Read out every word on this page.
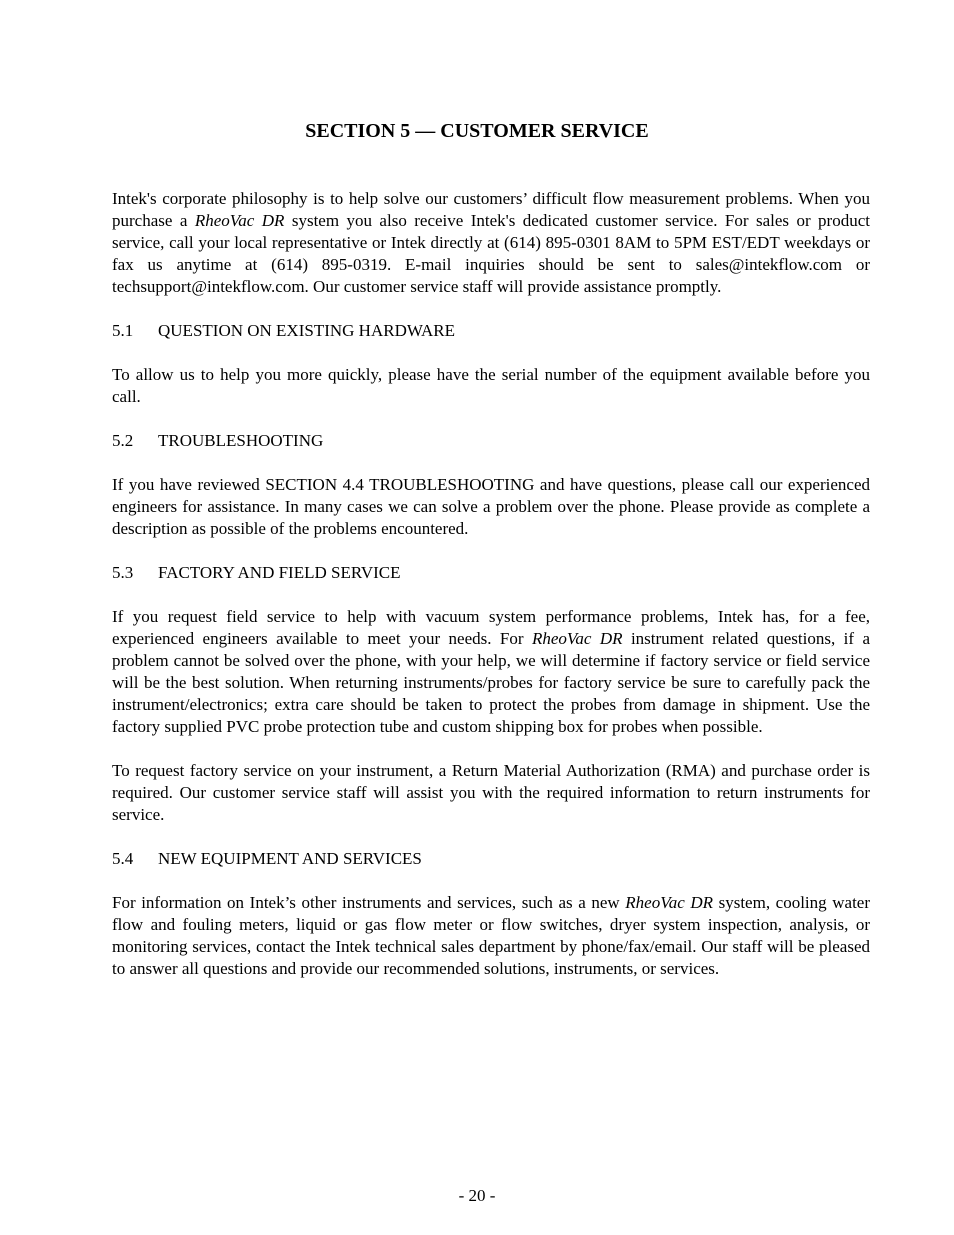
SECTION 5 — CUSTOMER SERVICE

Intek's corporate philosophy is to help solve our customers’ difficult flow measurement problems. When you purchase a RheoVac DR system you also receive Intek's dedicated customer service. For sales or product service, call your local representative or Intek directly at (614) 895-0301 8AM to 5PM EST/EDT weekdays or fax us anytime at (614) 895-0319. E-mail inquiries should be sent to sales@intekflow.com or techsupport@intekflow.com. Our customer service staff will provide assistance promptly.

5.1	QUESTION ON EXISTING HARDWARE

To allow us to help you more quickly, please have the serial number of the equipment available before you call.

5.2	TROUBLESHOOTING

If you have reviewed SECTION 4.4 TROUBLESHOOTING and have questions, please call our experienced engineers for assistance. In many cases we can solve a problem over the phone. Please provide as complete a description as possible of the problems encountered.

5.3	FACTORY AND FIELD SERVICE

If you request field service to help with vacuum system performance problems, Intek has, for a fee, experienced engineers available to meet your needs. For RheoVac DR instrument related questions, if a problem cannot be solved over the phone, with your help, we will determine if factory service or field service will be the best solution. When returning instruments/probes for factory service be sure to carefully pack the instrument/electronics; extra care should be taken to protect the probes from damage in shipment. Use the factory supplied PVC probe protection tube and custom shipping box for probes when possible.

To request factory service on your instrument, a Return Material Authorization (RMA) and purchase order is required. Our customer service staff will assist you with the required information to return instruments for service.

5.4	NEW EQUIPMENT AND SERVICES

For information on Intek’s other instruments and services, such as a new RheoVac DR system, cooling water flow and fouling meters, liquid or gas flow meter or flow switches, dryer system inspection, analysis, or monitoring services, contact the Intek technical sales department by phone/fax/email. Our staff will be pleased to answer all questions and provide our recommended solutions, instruments, or services.

- 20 -
